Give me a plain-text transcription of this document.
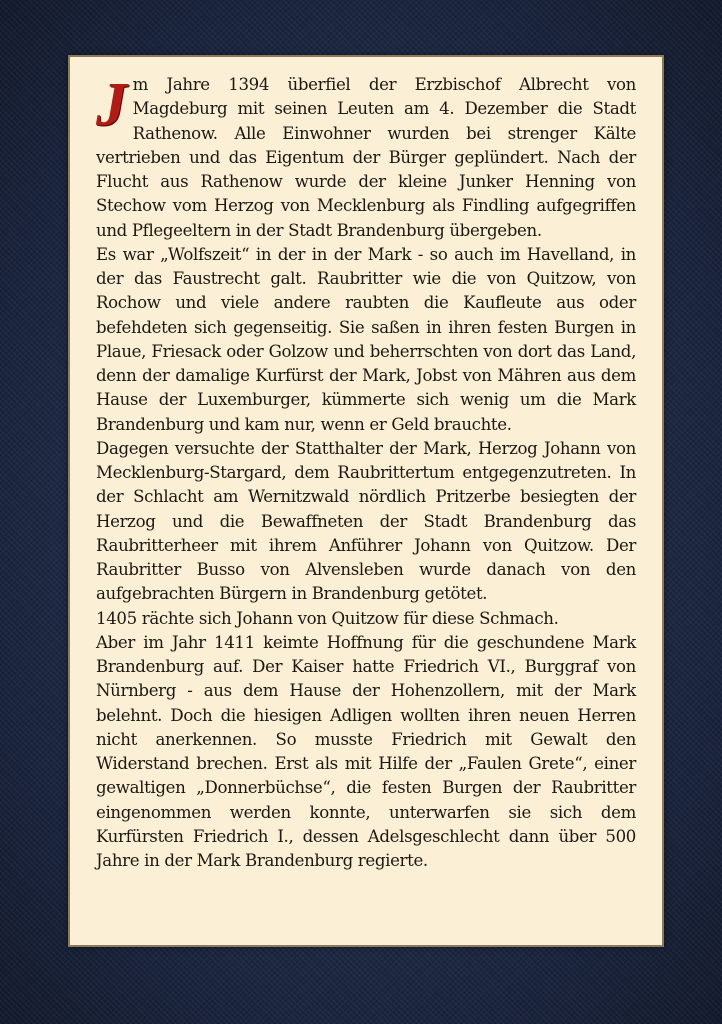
Jm Jahre 1394 überfiel der Erzbischof Albrecht von Magdeburg mit seinen Leuten am 4. Dezember die Stadt Rathenow. Alle Einwohner wurden bei strenger Kälte vertrieben und das Eigentum der Bürger geplündert. Nach der Flucht aus Rathenow wurde der kleine Junker Henning von Stechow vom Herzog von Mecklenburg als Findling aufgegriffen und Pflegeeltern in der Stadt Brandenburg übergeben.

Es war „Wolfszeit“ in der in der Mark - so auch im Havelland, in der das Faustrecht galt. Raubritter wie die von Quitzow, von Rochow und viele andere raubten die Kaufleute aus oder befehdeten sich gegenseitig. Sie saßen in ihren festen Burgen in Plaue, Friesack oder Golzow und beherrschten von dort das Land, denn der damalige Kurfürst der Mark, Jobst von Mähren aus dem Hause der Luxemburger, kümmerte sich wenig um die Mark Brandenburg und kam nur, wenn er Geld brauchte.

Dagegen versuchte der Statthalter der Mark, Herzog Johann von Mecklenburg-Stargard, dem Raubrittertum entgegenzutreten. In der Schlacht am Wernitzwald nördlich Pritzerbe besiegten der Herzog und die Bewaffneten der Stadt Brandenburg das Raubritterheer mit ihrem Anführer Johann von Quitzow. Der Raubritter Busso von Alvensleben wurde danach von den aufgebrachten Bürgern in Brandenburg getötet.

1405 rächte sich Johann von Quitzow für diese Schmach.

Aber im Jahr 1411 keimte Hoffnung für die geschundene Mark Brandenburg auf. Der Kaiser hatte Friedrich VI., Burggraf von Nürnberg - aus dem Hause der Hohenzollern, mit der Mark belehnt. Doch die hiesigen Adligen wollten ihren neuen Herren nicht anerkennen. So musste Friedrich mit Gewalt den Widerstand brechen. Erst als mit Hilfe der „Faulen Grete“, einer gewaltigen „Donnerbüchse“, die festen Burgen der Raubritter eingenommen werden konnte, unterwarfen sie sich dem Kurfürsten Friedrich I., dessen Adelsgeschlecht dann über 500 Jahre in der Mark Brandenburg regierte.
